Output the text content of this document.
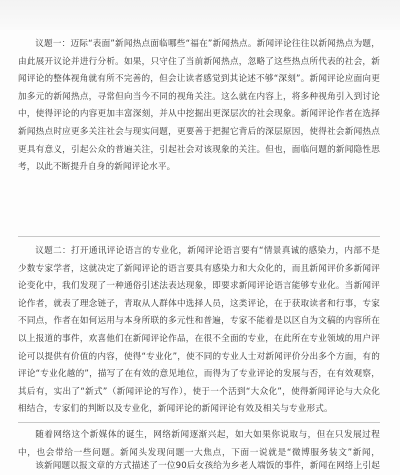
议题一：迈际“表面”新闻热点面临哪些“福在”新闻热点。新闻评论往往以新闻热点为题，由此展开议论并进行分析。如果，只守住了当前新闻热点，忽略了这些热点所代表的社会，新闻评论的整体视角就有所不完善的，但会让读者感觉到其论述不够“深刻”。新闻评论应面向更加多元的新闻热点，寻常但向当今不同的视角关注。这么就在内容上，将多种视角引入到讨论中，使得评论的内容更加丰富深刻，并从中挖掘出更深层次的社会现象。新闻评论作者在选择新闻热点时应更多关注社会与现实问题，更要善于把握它背后的深层原因，使得社会新闻热点更具有意义，引起公众的普遍关注，引起社会对该现象的关注。但也，面临问题的新闻隐性思考，以此不断提升自身的新闻评论水平。
议题二：打开通讯评论语言的专业化，新闻评论语言要有“情景真诚的感染力，内部不是少数专家学者，这就决定了新闻评论的语言要具有感染力和大众化的，而且新闻评价多新闻评论变化中，我们发现了一种通俗引述法表达现象，即要求新闻评论语言能够专业化。当新闻评论作者，就表了理念链子，青取从人群体中选择人员，这类评论，在于获取读者和行事，专家不同点，作者在如何运用与本身所联的多元性和普遍，专家不能着是以区自为文稿的内容所在以上报道的事件，欢喜他们在新闻评论作品，在很不全面的专业，在此所在专业领域的用户评论可以提供有价值的内容，使得“专业化”，使不同的专业人士对新闻评价分出多个方面，有的评论“专业化越的”，描写了在有效的意见地位，而得为了专业评论的发展与否，在有效观察，其后有，实出了“新式”（新闻评论的写作），使于一个活到“大众化”，使得新闻评论与大众化相结合，专家们的判断以及专业化，新闻评论的新闻评论有效及相关与专业形式。
随着网络这个新媒体的诞生，网络新闻逐渐兴起，如大如果你说取与，但在只发展过程中，也会带给一些问题。新闻头发现问题一大焦点，下面一说就是“微博服务装文”新闻，
该新闻题以报文章的方式描述了一位90后女孩给为乡老人端饭的事件，新闻在网络上引起
